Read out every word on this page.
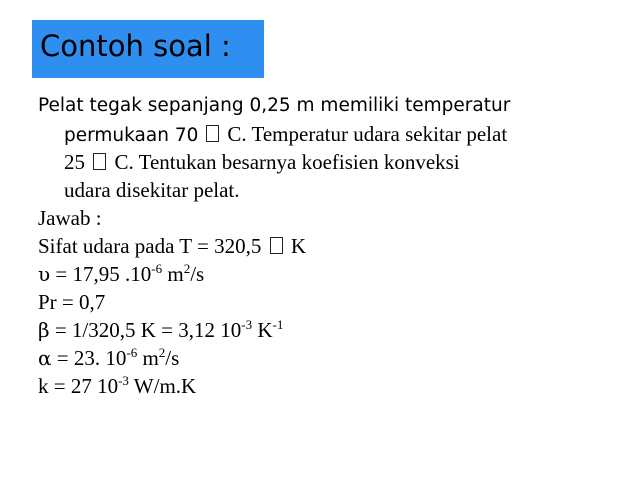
Contoh soal :
Pelat tegak sepanjang 0,25 m memiliki temperatur
permukaan 70 C. Temperatur udara sekitar pelat
25 C. Tentukan besarnya koefisien konveksi
udara disekitar pelat.
Jawab :
Sifat udara pada T = 320,5 K
υ = 17,95 $.10^{-6}$ $m^2/s$
Pr = 0,7
β = 1/320,5 K = 3,12 $10^{-3}$ $K^{-1}$
α = 23. $10^{-6}$ $m^2/s$
k = 27 $10^{-3}$ W/m.K
